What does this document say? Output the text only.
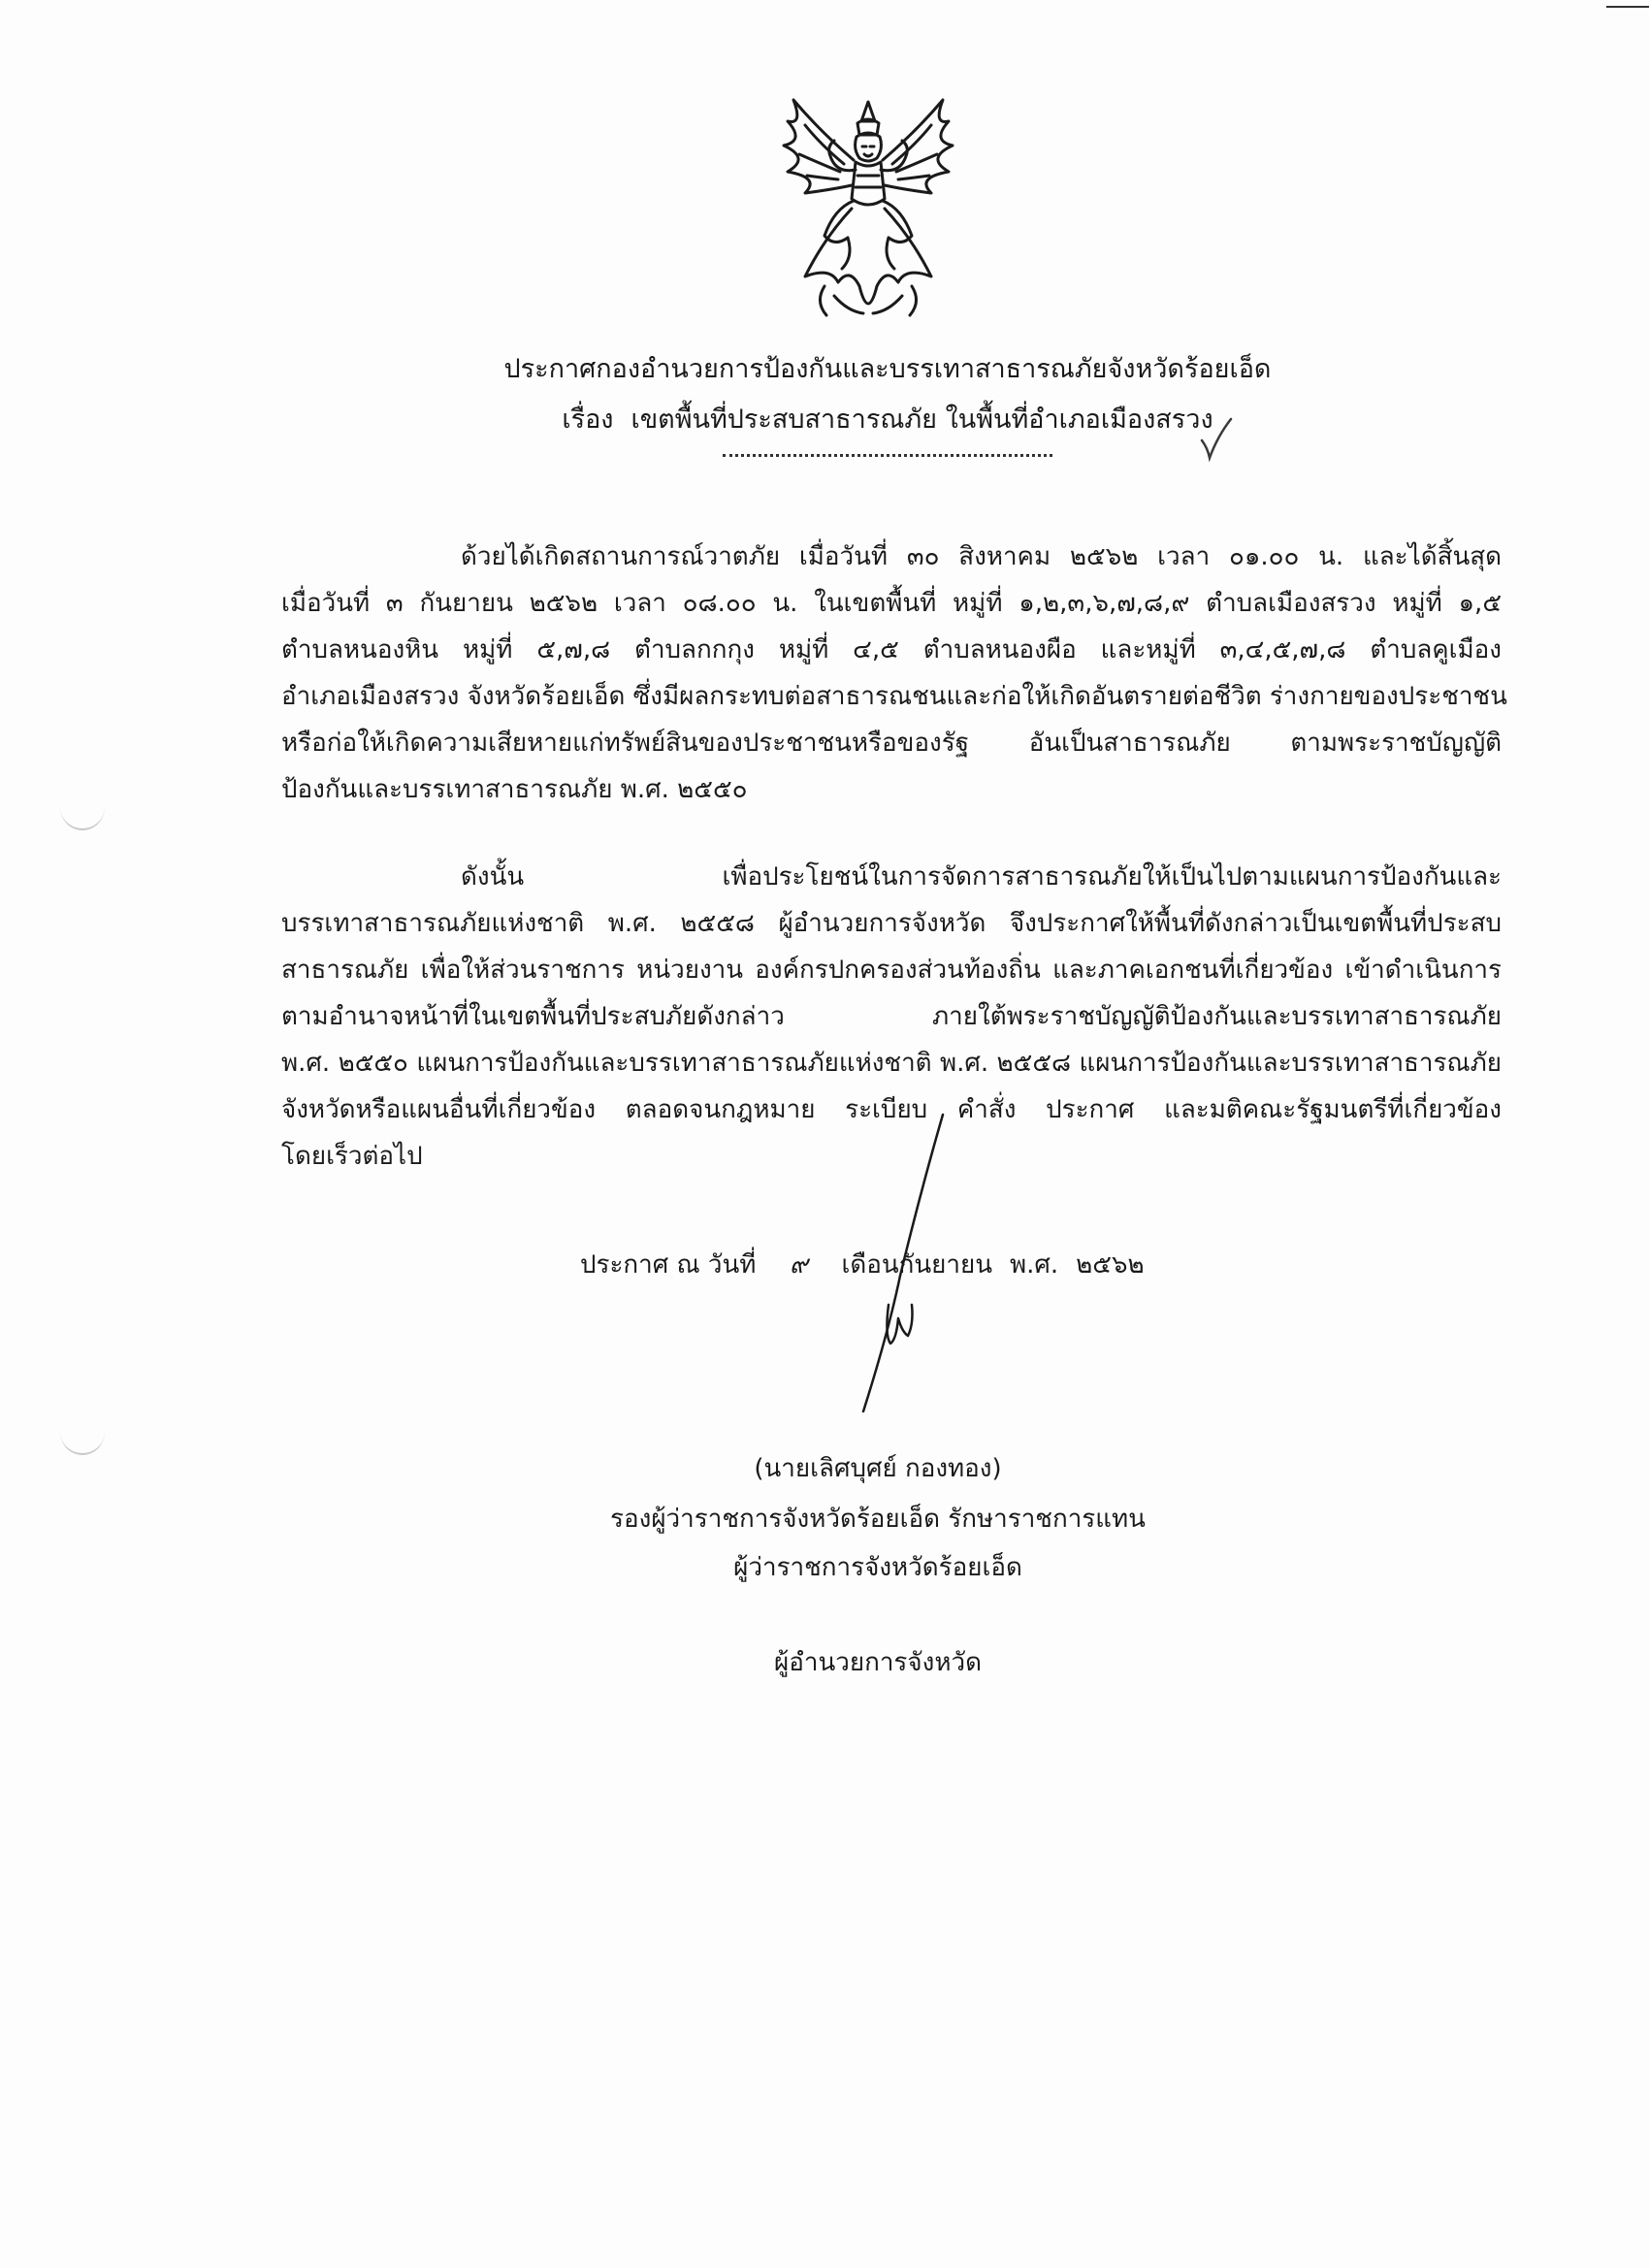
ประกาศกองอำนวยการป้องกันและบรรเทาสาธารณภัยจังหวัดร้อยเอ็ด
เรื่อง เขตพื้นที่ประสบสาธารณภัย ในพื้นที่อำเภอเมืองสรวง
ด้วยได้เกิดสถานการณ์วาตภัย เมื่อวันที่ ๓๐ สิงหาคม ๒๕๖๒ เวลา ๐๑.๐๐ น. และได้สิ้นสุด
เมื่อวันที่ ๓ กันยายน ๒๕๖๒ เวลา ๐๘.๐๐ น. ในเขตพื้นที่ หมู่ที่ ๑,๒,๓,๖,๗,๘,๙ ตำบลเมืองสรวง หมู่ที่ ๑,๕
ตำบลหนองหิน หมู่ที่ ๕,๗,๘ ตำบลกกกุง หมู่ที่ ๔,๕ ตำบลหนองผือ และหมู่ที่ ๓,๔,๕,๗,๘ ตำบลคูเมือง
อำเภอเมืองสรวง จังหวัดร้อยเอ็ด ซึ่งมีผลกระทบต่อสาธารณชนและก่อให้เกิดอันตรายต่อชีวิต ร่างกายของประชาชน
หรือก่อให้เกิดความเสียหายแก่ทรัพย์สินของประชาชนหรือของรัฐ อันเป็นสาธารณภัย ตามพระราชบัญญัติ
ป้องกันและบรรเทาสาธารณภัย พ.ศ. ๒๕๕๐
ดังนั้น เพื่อประโยชน์ในการจัดการสาธารณภัยให้เป็นไปตามแผนการป้องกันและ
บรรเทาสาธารณภัยแห่งชาติ พ.ศ. ๒๕๕๘ ผู้อำนวยการจังหวัด จึงประกาศให้พื้นที่ดังกล่าวเป็นเขตพื้นที่ประสบ
สาธารณภัย เพื่อให้ส่วนราชการ หน่วยงาน องค์กรปกครองส่วนท้องถิ่น และภาคเอกชนที่เกี่ยวข้อง เข้าดำเนินการ
ตามอำนาจหน้าที่ในเขตพื้นที่ประสบภัยดังกล่าว ภายใต้พระราชบัญญัติป้องกันและบรรเทาสาธารณภัย
พ.ศ. ๒๕๕๐ แผนการป้องกันและบรรเทาสาธารณภัยแห่งชาติ พ.ศ. ๒๕๕๘ แผนการป้องกันและบรรเทาสาธารณภัย
จังหวัดหรือแผนอื่นที่เกี่ยวข้อง ตลอดจนกฎหมาย ระเบียบ คำสั่ง ประกาศ และมติคณะรัฐมนตรีที่เกี่ยวข้อง
โดยเร็วต่อไป
ประกาศ ณ วันที่ ๙ เดือนกันยายน พ.ศ. ๒๕๖๒
(นายเลิศบุศย์ กองทอง)
รองผู้ว่าราชการจังหวัดร้อยเอ็ด รักษาราชการแทน
ผู้ว่าราชการจังหวัดร้อยเอ็ด
ผู้อำนวยการจังหวัด
